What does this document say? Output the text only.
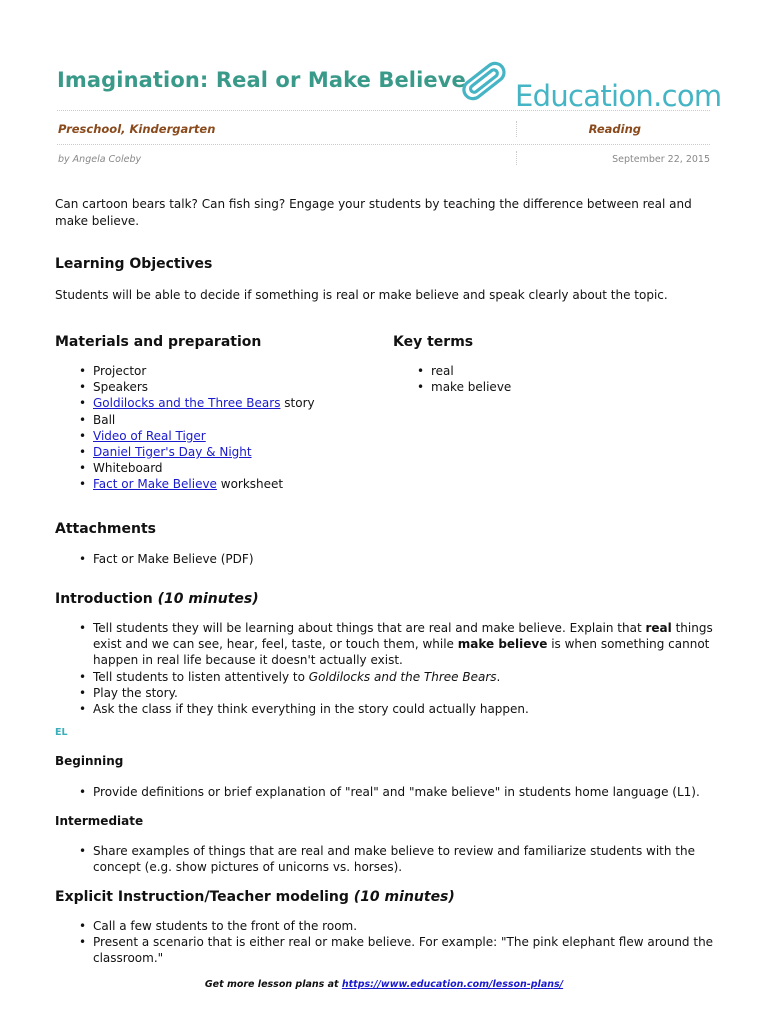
Imagination: Real or Make Believe Education.com
Preschool, Kindergarten	Reading
by Angela Coleby	September 22, 2015

Can cartoon bears talk? Can fish sing? Engage your students by teaching the difference between real and make believe.

Learning Objectives

Students will be able to decide if something is real or make believe and speak clearly about the topic.

Materials and preparation
• Projector
• Speakers
• Goldilocks and the Three Bears story
• Ball
• Video of Real Tiger
• Daniel Tiger's Day & Night
• Whiteboard
• Fact or Make Believe worksheet
Key terms
• real
• make believe
Attachments
• Fact or Make Believe (PDF)
Introduction (10 minutes)
• Tell students they will be learning about things that are real and make believe. Explain that real things exist and we can see, hear, feel, taste, or touch them, while make believe is when something cannot happen in real life because it doesn't actually exist.
• Tell students to listen attentively to Goldilocks and the Three Bears.
• Play the story.
• Ask the class if they think everything in the story could actually happen.
EL
Beginning
• Provide definitions or brief explanation of "real" and "make believe" in students home language (L1).
Intermediate
• Share examples of things that are real and make believe to review and familiarize students with the concept (e.g. show pictures of unicorns vs. horses).
Explicit Instruction/Teacher modeling (10 minutes)
• Call a few students to the front of the room.
• Present a scenario that is either real or make believe. For example: "The pink elephant flew around the classroom."
Get more lesson plans at https://www.education.com/lesson-plans/
